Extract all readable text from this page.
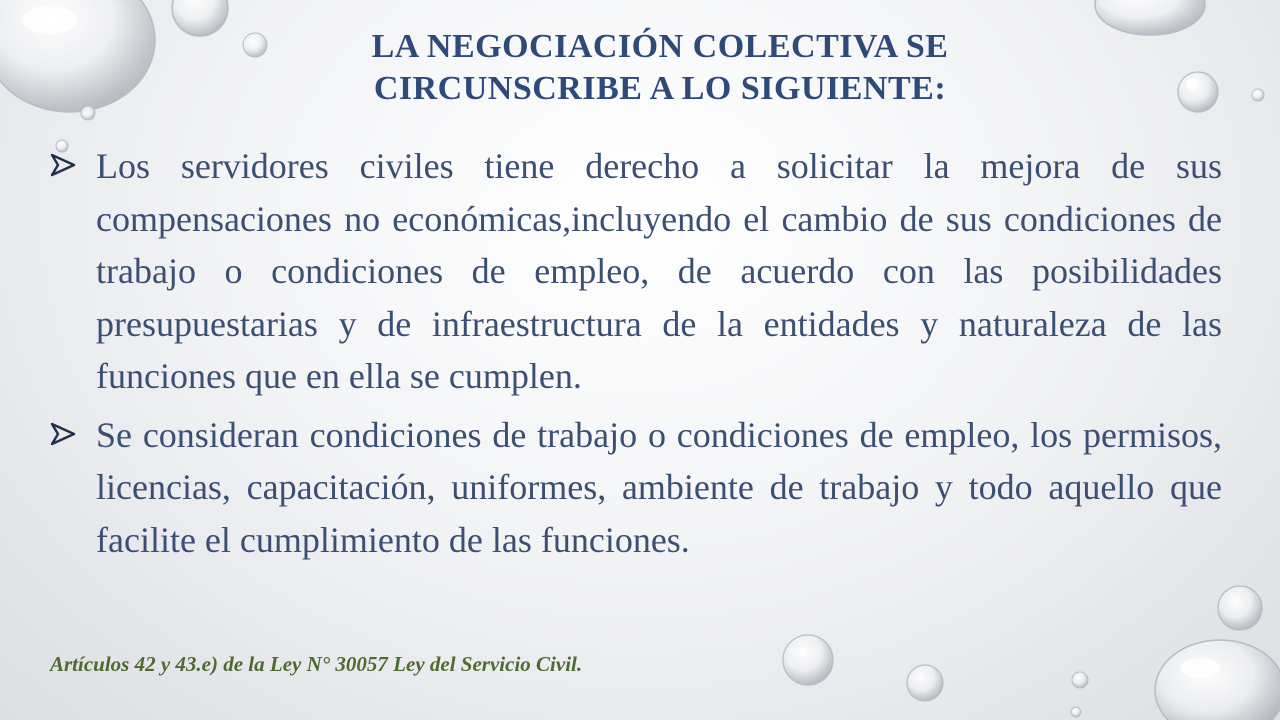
LA NEGOCIACIÓN COLECTIVA SE CIRCUNSCRIBE A LO SIGUIENTE:

Los servidores civiles tiene derecho a solicitar la mejora de sus compensaciones no económicas,incluyendo el cambio de sus condiciones de trabajo o condiciones de empleo, de acuerdo con las posibilidades presupuestarias y de infraestructura de la entidades y naturaleza de las funciones que en ella se cumplen.

Se consideran condiciones de trabajo o condiciones de empleo, los permisos, licencias, capacitación, uniformes, ambiente de trabajo y todo aquello que facilite el cumplimiento de las funciones.

Artículos 42 y 43.e) de la Ley N° 30057 Ley del Servicio Civil.
